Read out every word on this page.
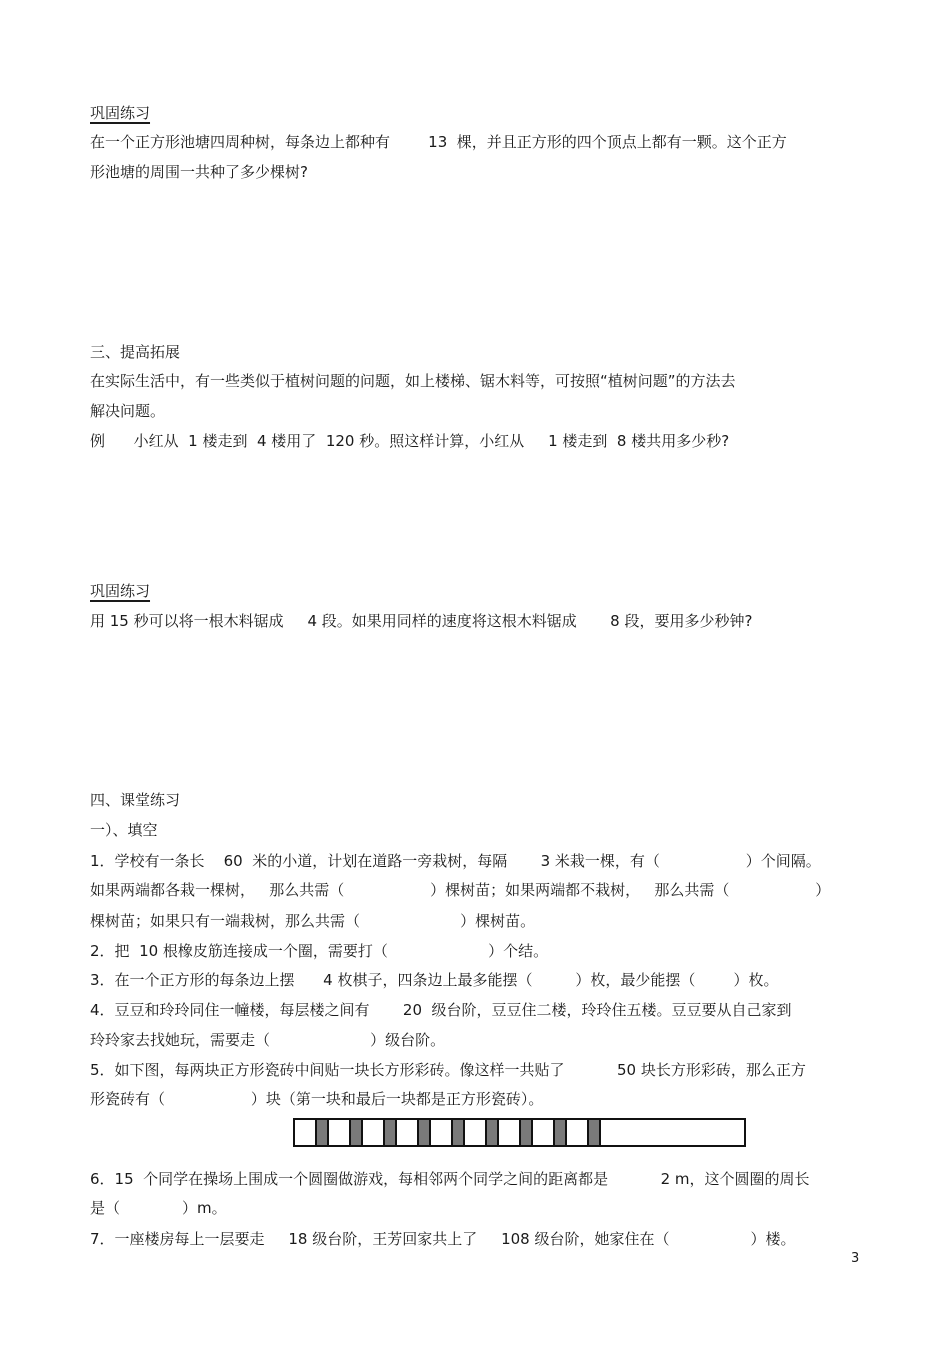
巩固练习
在一个正方形池塘四周种树，每条边上都种有        13  棵，并且正方形的四个顶点上都有一颗。这个正方
形池塘的周围一共种了多少棵树?
三、提高拓展
在实际生活中，有一些类似于植树问题的问题，如上楼梯、锯木料等，可按照“植树问题”的方法去
解决问题。
例      小红从  1 楼走到  4 楼用了  120 秒。照这样计算，小红从     1 楼走到  8 楼共用多少秒?
巩固练习
用 15 秒可以将一根木料锯成     4 段。如果用同样的速度将这根木料锯成       8 段，要用多少秒钟?
四、课堂练习
一）、填空
1．学校有一条长    60  米的小道，计划在道路一旁栽树，每隔       3 米栽一棵，有（                  ）个间隔。
如果两端都各栽一棵树，   那么共需（                  ）棵树苗；如果两端都不栽树，   那么共需（                  ）
棵树苗；如果只有一端栽树，那么共需（                     ）棵树苗。
2．把  10 根橡皮筋连接成一个圈，需要打（                     ）个结。
3．在一个正方形的每条边上摆      4 枚棋子，四条边上最多能摆（         ）枚，最少能摆（        ）枚。
4．豆豆和玲玲同住一幢楼，每层楼之间有       20  级台阶，豆豆住二楼，玲玲住五楼。豆豆要从自己家到
玲玲家去找她玩，需要走（                     ）级台阶。
5．如下图，每两块正方形瓷砖中间贴一块长方形彩砖。像这样一共贴了           50 块长方形彩砖，那么正方
形瓷砖有（                  ）块（第一块和最后一块都是正方形瓷砖）。
6．15  个同学在操场上围成一个圆圈做游戏，每相邻两个同学之间的距离都是           2 m，这个圆圈的周长
是（             ）m。
7．一座楼房每上一层要走     18 级台阶，王芳回家共上了     108 级台阶，她家住在（                 ）楼。
3
